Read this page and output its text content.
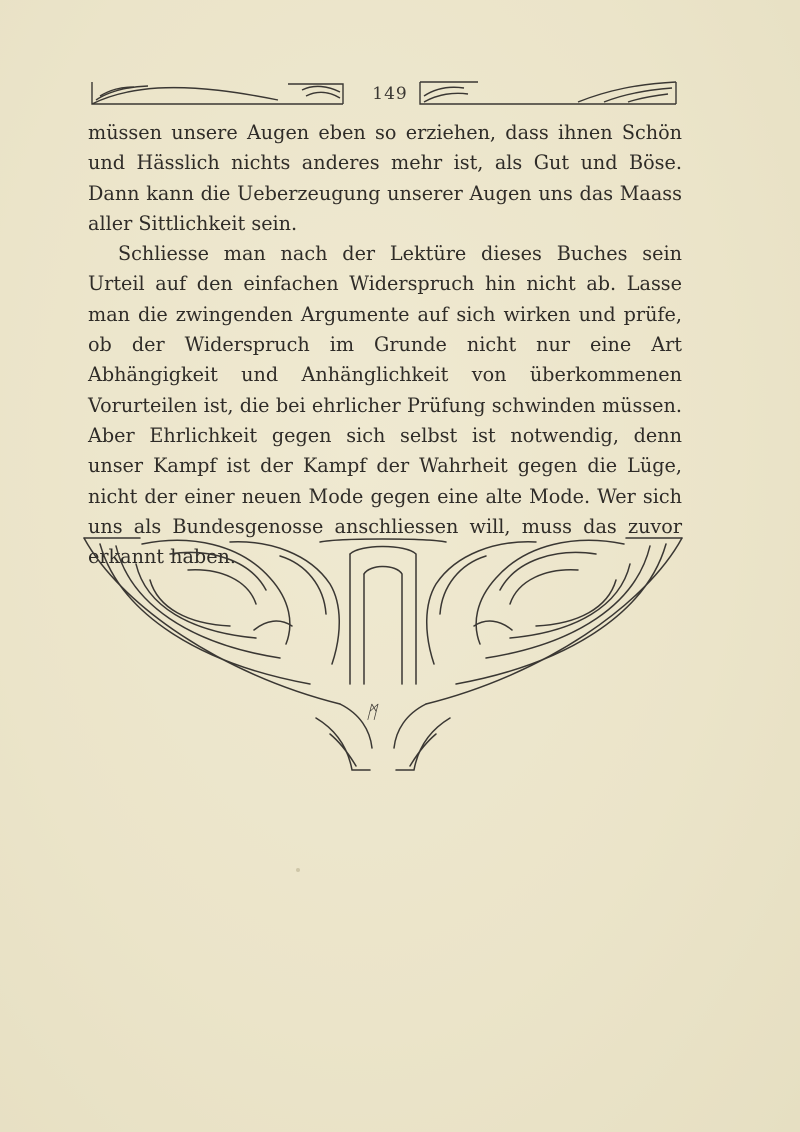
149

müssen unsere Augen eben so erziehen, dass ihnen Schön und Hässlich nichts anderes mehr ist, als Gut und Böse. Dann kann die Ueberzeugung unserer Augen uns das Maass aller Sittlichkeit sein.

Schliesse man nach der Lektüre dieses Buches sein Urteil auf den einfachen Widerspruch hin nicht ab. Lasse man die zwingenden Argumente auf sich wirken und prüfe, ob der Widerspruch im Grunde nicht nur eine Art Abhängigkeit und Anhänglichkeit von überkommenen Vorurteilen ist, die bei ehrlicher Prüfung schwinden müssen. Aber Ehrlichkeit gegen sich selbst ist notwendig, denn unser Kampf ist der Kampf der Wahrheit gegen die Lüge, nicht der einer neuen Mode gegen eine alte Mode. Wer sich uns als Bundesgenosse anschliessen will, muss das zuvor erkannt haben.

ᛗ
